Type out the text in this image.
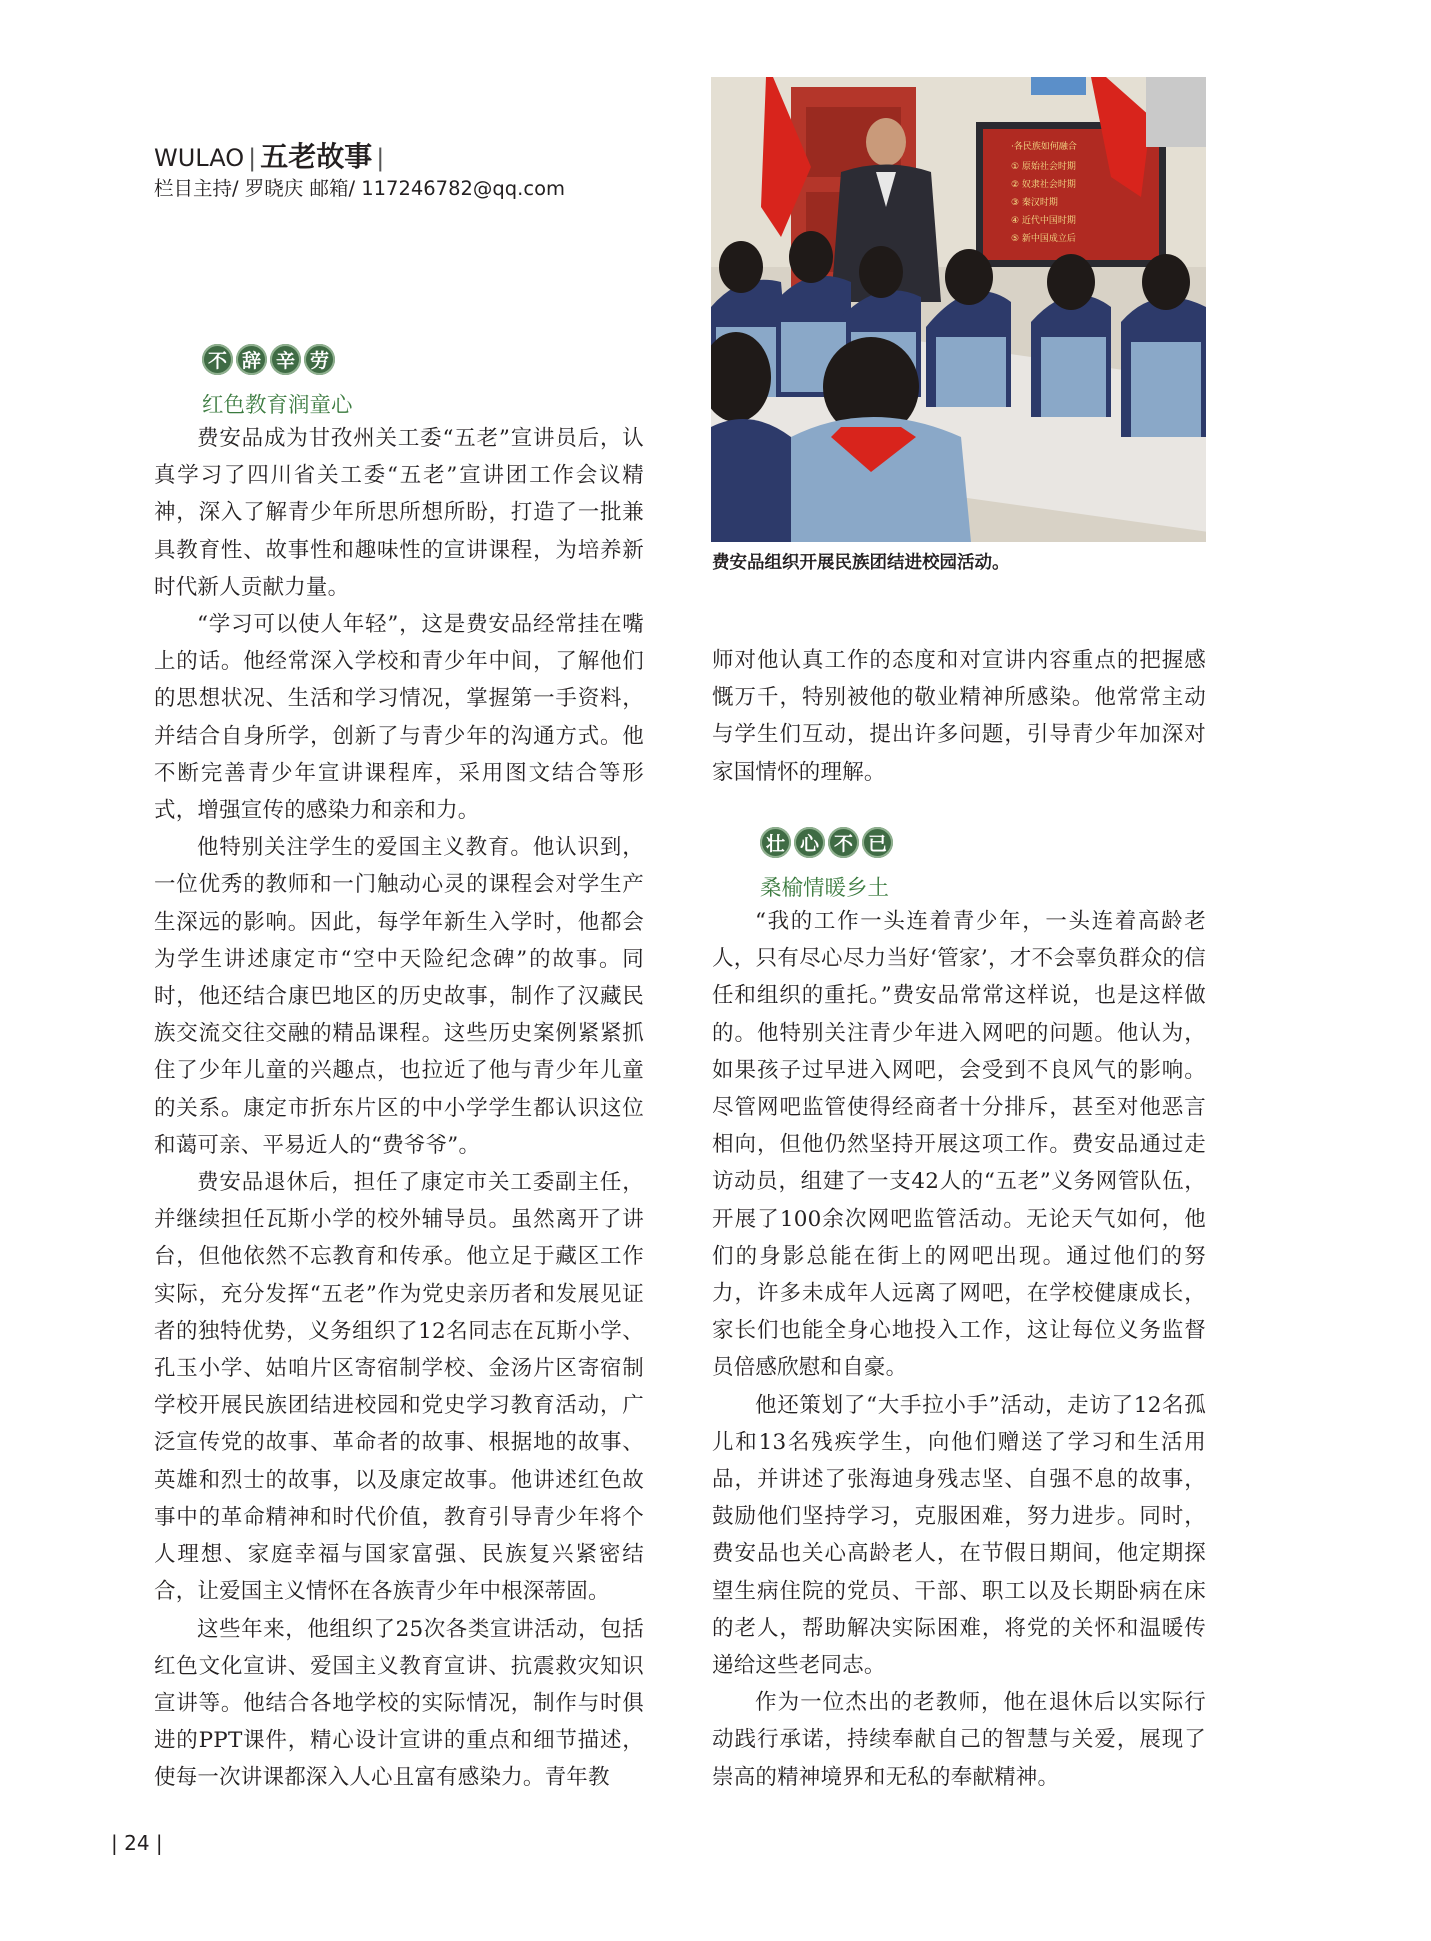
WULAO | 五老故事 |
栏目主持/ 罗晓庆 邮箱/ 117246782@qq.com
·各民族如何融合
① 原始社会时期
② 奴隶社会时期
③ 秦汉时期
④ 近代中国时期
⑤ 新中国成立后
费安品组织开展民族团结进校园活动。
不 辞 辛 劳
红色教育润童心

费安品成为甘孜州关工委“五老”宣讲员后，认真学习了四川省关工委“五老”宣讲团工作会议精神，深入了解青少年所思所想所盼，打造了一批兼具教育性、故事性和趣味性的宣讲课程，为培养新时代新人贡献力量。

“学习可以使人年轻”，这是费安品经常挂在嘴上的话。他经常深入学校和青少年中间，了解他们的思想状况、生活和学习情况，掌握第一手资料，并结合自身所学，创新了与青少年的沟通方式。他不断完善青少年宣讲课程库，采用图文结合等形式，增强宣传的感染力和亲和力。

他特别关注学生的爱国主义教育。他认识到，一位优秀的教师和一门触动心灵的课程会对学生产生深远的影响。因此，每学年新生入学时，他都会为学生讲述康定市“空中天险纪念碑”的故事。同时，他还结合康巴地区的历史故事，制作了汉藏民族交流交往交融的精品课程。这些历史案例紧紧抓住了少年儿童的兴趣点，也拉近了他与青少年儿童的关系。康定市折东片区的中小学学生都认识这位和蔼可亲、平易近人的“费爷爷”。

费安品退休后，担任了康定市关工委副主任，并继续担任瓦斯小学的校外辅导员。虽然离开了讲台，但他依然不忘教育和传承。他立足于藏区工作实际，充分发挥“五老”作为党史亲历者和发展见证者的独特优势，义务组织了12名同志在瓦斯小学、孔玉小学、姑咱片区寄宿制学校、金汤片区寄宿制学校开展民族团结进校园和党史学习教育活动，广泛宣传党的故事、革命者的故事、根据地的故事、英雄和烈士的故事，以及康定故事。他讲述红色故事中的革命精神和时代价值，教育引导青少年将个人理想、家庭幸福与国家富强、民族复兴紧密结合，让爱国主义情怀在各族青少年中根深蒂固。

这些年来，他组织了25次各类宣讲活动，包括红色文化宣讲、爱国主义教育宣讲、抗震救灾知识宣讲等。他结合各地学校的实际情况，制作与时俱进的PPT课件，精心设计宣讲的重点和细节描述，使每一次讲课都深入人心且富有感染力。青年教

师对他认真工作的态度和对宣讲内容重点的把握感慨万千，特别被他的敬业精神所感染。他常常主动与学生们互动，提出许多问题，引导青少年加深对家国情怀的理解。

壮 心 不 已
桑榆情暖乡土

“我的工作一头连着青少年，一头连着高龄老人，只有尽心尽力当好‘管家’，才不会辜负群众的信任和组织的重托。”费安品常常这样说，也是这样做的。他特别关注青少年进入网吧的问题。他认为，如果孩子过早进入网吧，会受到不良风气的影响。尽管网吧监管使得经商者十分排斥，甚至对他恶言相向，但他仍然坚持开展这项工作。费安品通过走访动员，组建了一支42人的“五老”义务网管队伍，开展了100余次网吧监管活动。无论天气如何，他们的身影总能在街上的网吧出现。通过他们的努力，许多未成年人远离了网吧，在学校健康成长，家长们也能全身心地投入工作，这让每位义务监督员倍感欣慰和自豪。

他还策划了“大手拉小手”活动，走访了12名孤儿和13名残疾学生，向他们赠送了学习和生活用品，并讲述了张海迪身残志坚、自强不息的故事，鼓励他们坚持学习，克服困难，努力进步。同时，费安品也关心高龄老人，在节假日期间，他定期探望生病住院的党员、干部、职工以及长期卧病在床的老人，帮助解决实际困难，将党的关怀和温暖传递给这些老同志。

作为一位杰出的老教师，他在退休后以实际行动践行承诺，持续奉献自己的智慧与关爱，展现了崇高的精神境界和无私的奉献精神。

| 24 |
